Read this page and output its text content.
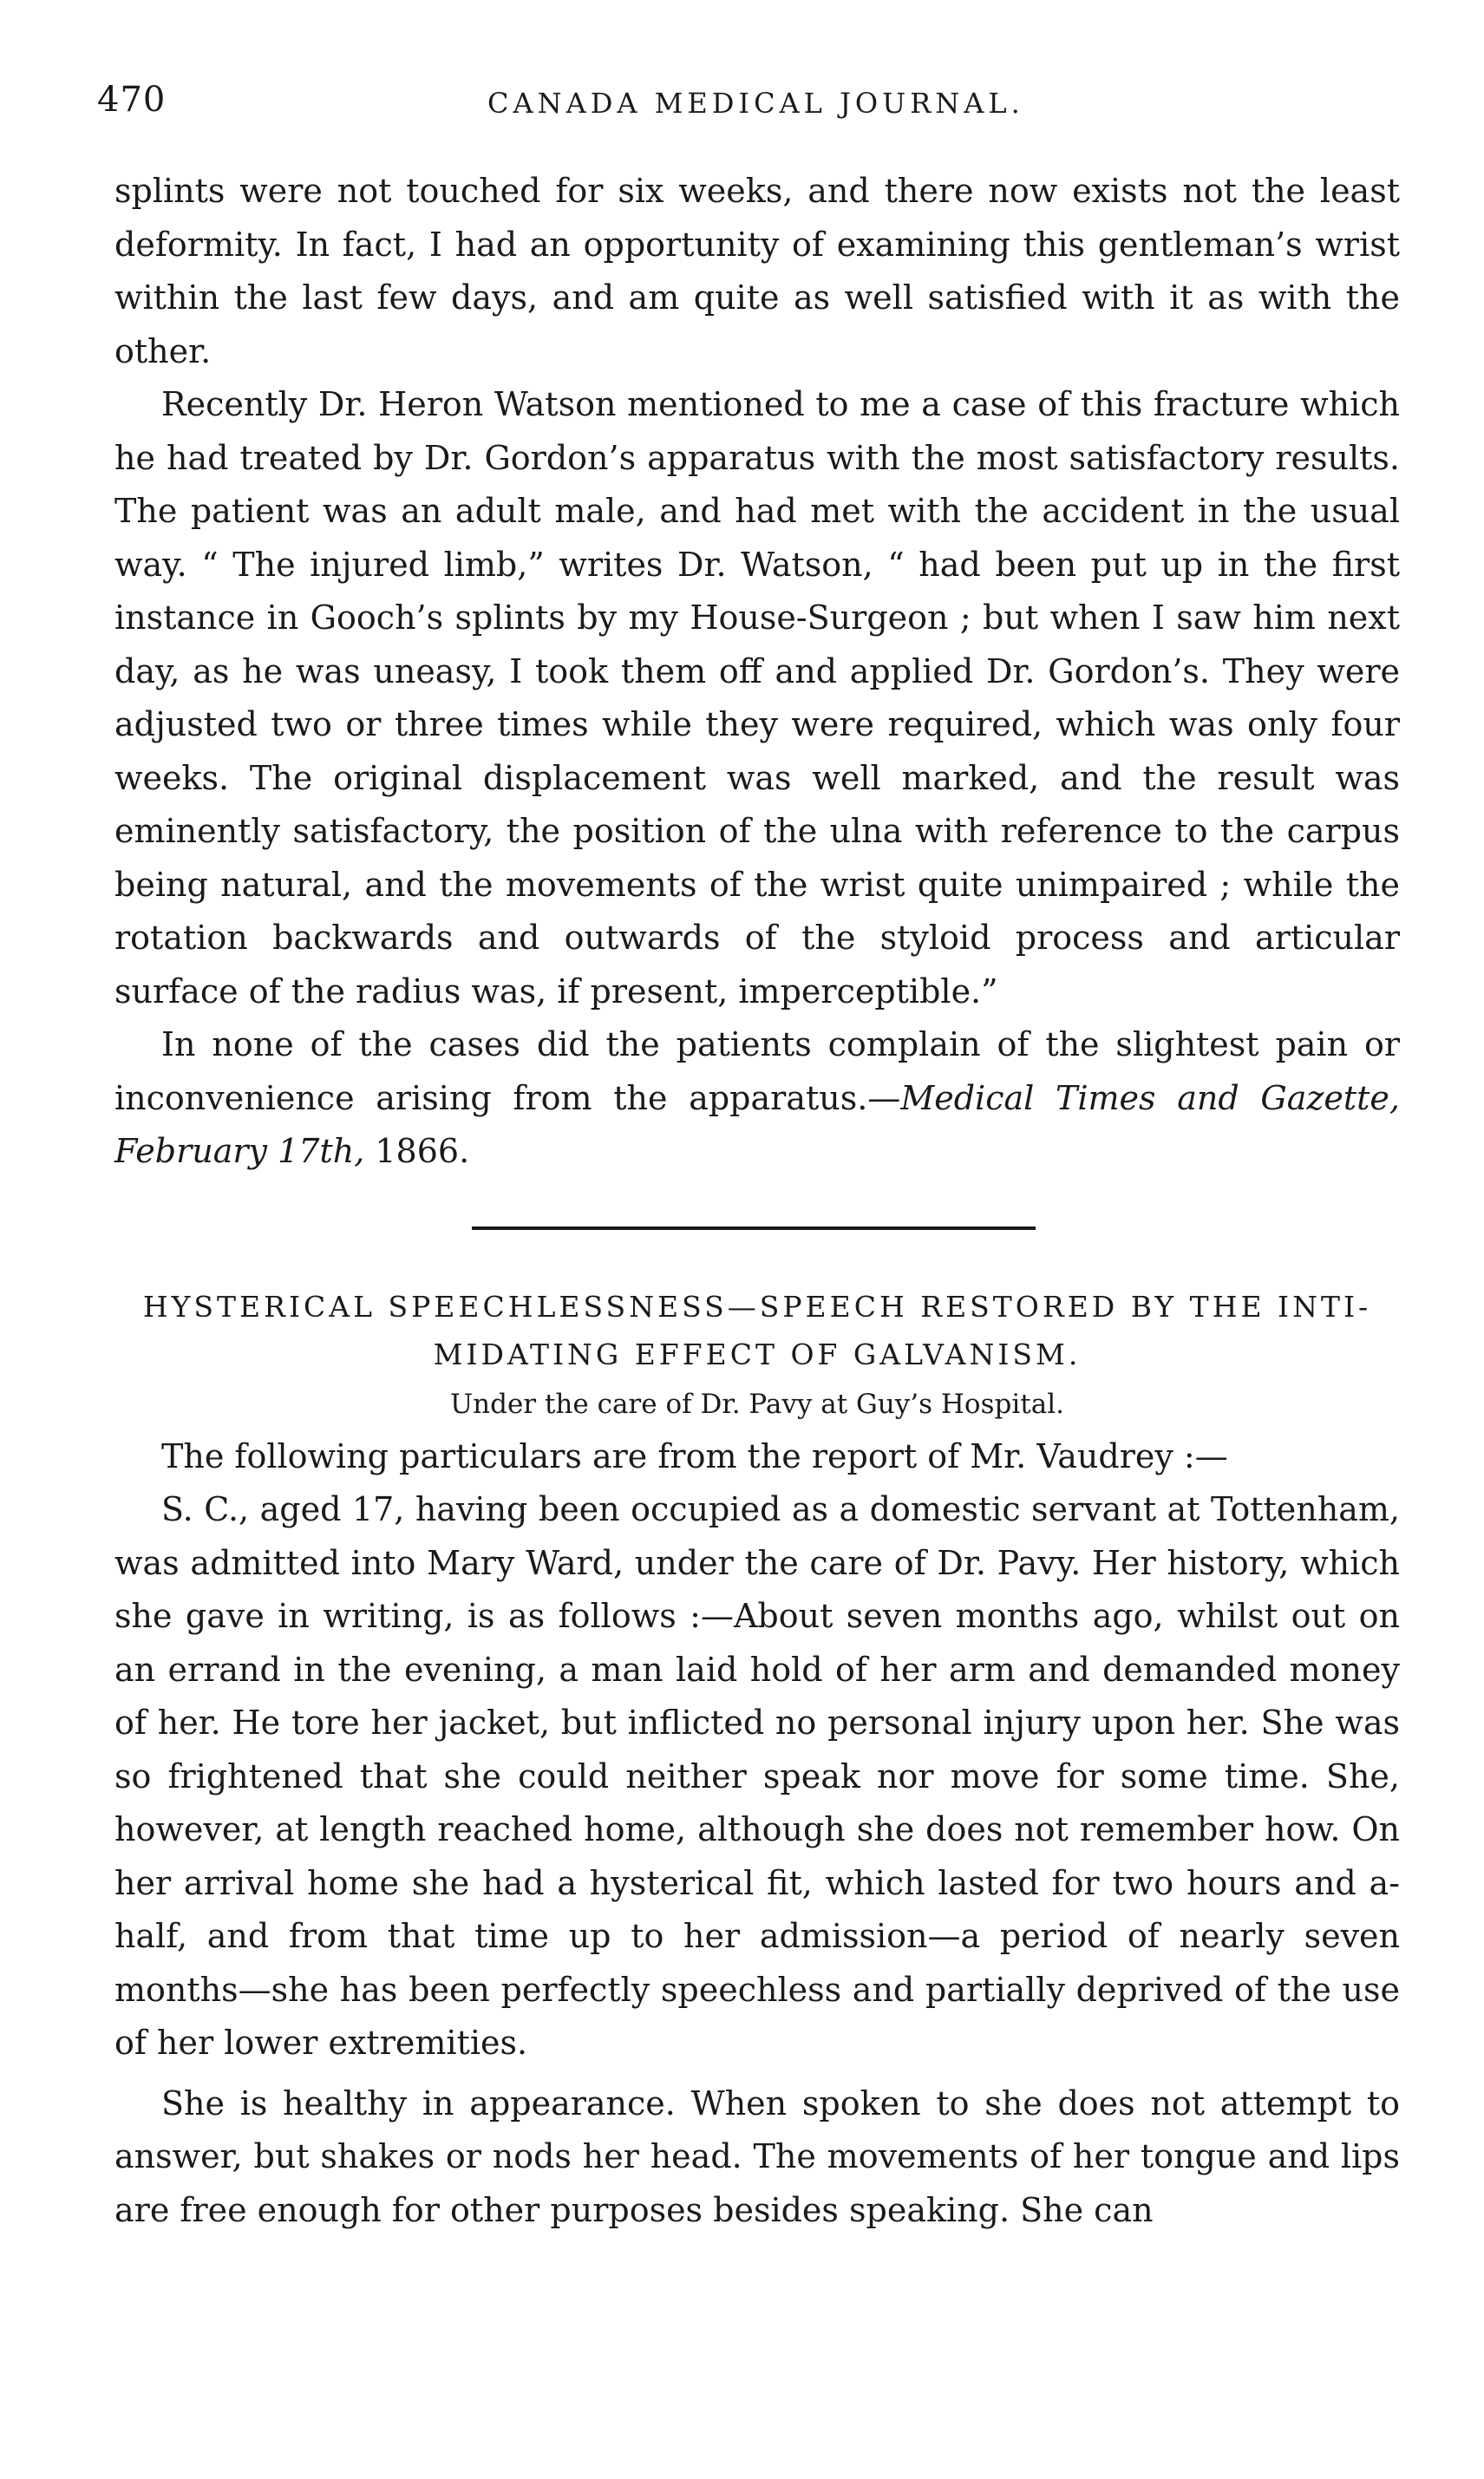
470	CANADA MEDICAL JOURNAL.

splints were not touched for six weeks, and there now exists not the least deformity. In fact, I had an opportunity of examining this gentleman’s wrist within the last few days, and am quite as well satisfied with it as with the other.

Recently Dr. Heron Watson mentioned to me a case of this fracture which he had treated by Dr. Gordon’s apparatus with the most satisfactory results. The patient was an adult male, and had met with the accident in the usual way. “ The injured limb,” writes Dr. Watson, “ had been put up in the first instance in Gooch’s splints by my House-Surgeon ; but when I saw him next day, as he was uneasy, I took them off and applied Dr. Gordon’s. They were adjusted two or three times while they were required, which was only four weeks. The original displacement was well marked, and the result was eminently satisfactory, the position of the ulna with reference to the carpus being natural, and the movements of the wrist quite unimpaired ; while the rotation backwards and outwards of the styloid process and articular surface of the radius was, if present, imperceptible.”

In none of the cases did the patients complain of the slightest pain or inconvenience arising from the apparatus.—Medical Times and Gazette, February 17th, 1866.

HYSTERICAL SPEECHLESSNESS—SPEECH RESTORED BY THE INTI-

MIDATING EFFECT OF GALVANISM.

Under the care of Dr. Pavy at Guy’s Hospital.

The following particulars are from the report of Mr. Vaudrey :—

S. C., aged 17, having been occupied as a domestic servant at Tottenham, was admitted into Mary Ward, under the care of Dr. Pavy. Her history, which she gave in writing, is as follows :—About seven months ago, whilst out on an errand in the evening, a man laid hold of her arm and demanded money of her. He tore her jacket, but inflicted no personal injury upon her. She was so frightened that she could neither speak nor move for some time. She, however, at length reached home, although she does not remember how. On her arrival home she had a hysterical fit, which lasted for two hours and a-half, and from that time up to her admission—a period of nearly seven months—she has been perfectly speechless and partially deprived of the use of her lower extremities.

She is healthy in appearance. When spoken to she does not attempt to answer, but shakes or nods her head. The movements of her tongue and lips are free enough for other purposes besides speaking. She can
